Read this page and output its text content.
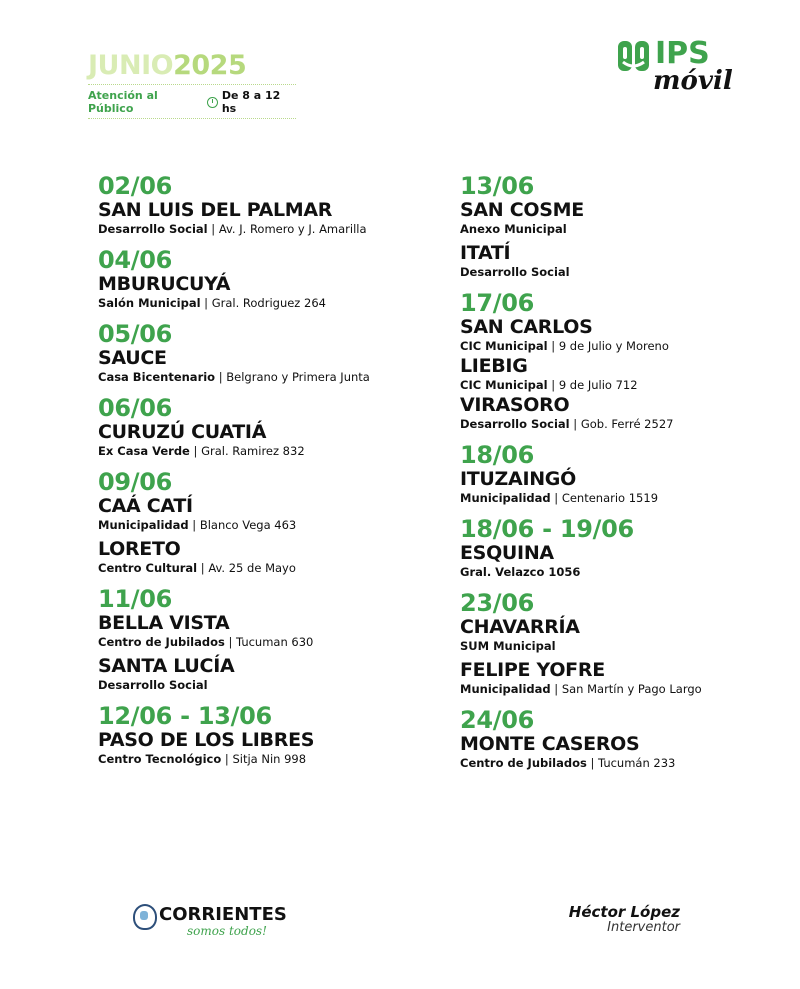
JUNIO2025
Atención al Público
De 8 a 12 hs
IPS
móvil
02/06
SAN LUIS DEL PALMAR
Desarrollo Social | Av. J. Romero y J. Amarilla
04/06
MBURUCUYÁ
Salón Municipal | Gral. Rodriguez 264
05/06
SAUCE
Casa Bicentenario | Belgrano y Primera Junta
06/06
CURUZÚ CUATIÁ
Ex Casa Verde | Gral. Ramirez 832
09/06
CAÁ CATÍ
Municipalidad | Blanco Vega 463
LORETO
Centro Cultural | Av. 25 de Mayo
11/06
BELLA VISTA
Centro de Jubilados | Tucuman 630
SANTA LUCÍA
Desarrollo Social
12/06 - 13/06
PASO DE LOS LIBRES
Centro Tecnológico | Sitja Nin 998
13/06
SAN COSME
Anexo Municipal
ITATÍ
Desarrollo Social
17/06
SAN CARLOS
CIC Municipal | 9 de Julio y Moreno
LIEBIG
CIC Municipal | 9 de Julio 712
VIRASORO
Desarrollo Social | Gob. Ferré 2527
18/06
ITUZAINGÓ
Municipalidad | Centenario 1519
18/06 - 19/06
ESQUINA
Gral. Velazco 1056
23/06
CHAVARRÍA
SUM Municipal
FELIPE YOFRE
Municipalidad | San Martín y Pago Largo
24/06
MONTE CASEROS
Centro de Jubilados | Tucumán 233
CORRIENTES
somos todos!
Héctor López
Interventor
